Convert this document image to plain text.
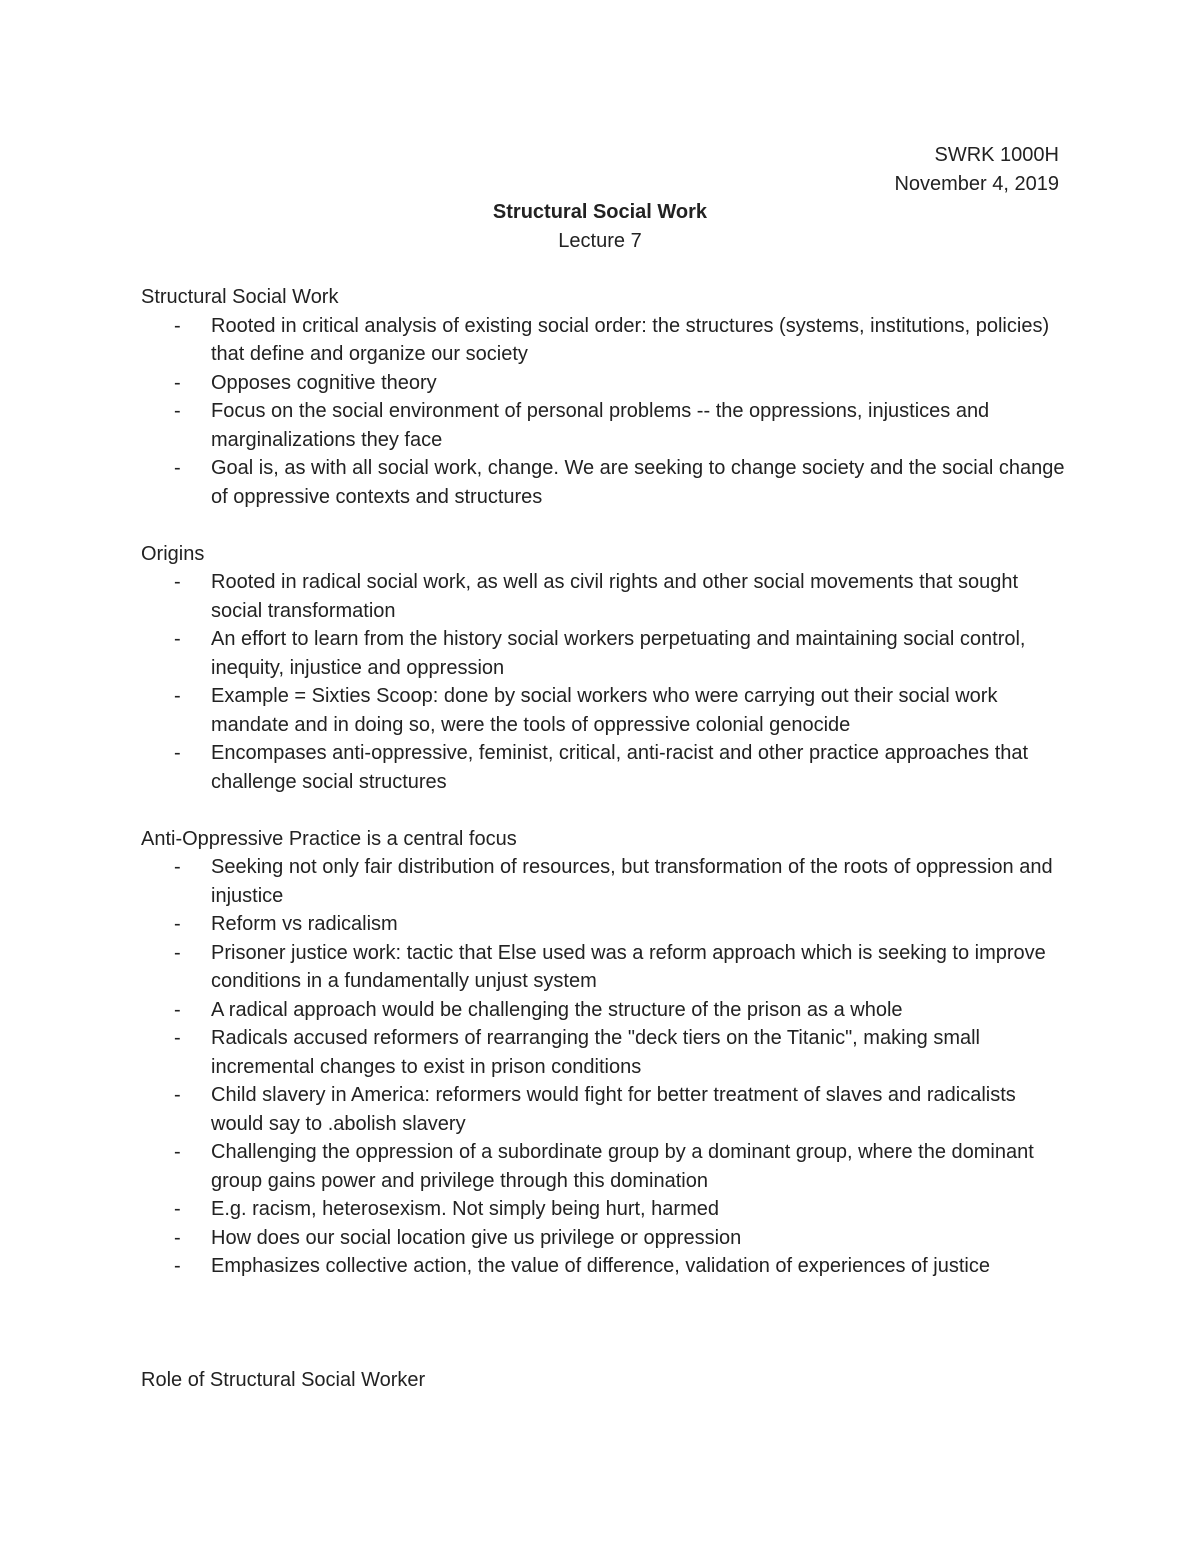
SWRK 1000H
November 4, 2019
Structural Social Work
Lecture 7
Structural Social Work
- Rooted in critical analysis of existing social order: the structures (systems, institutions, policies) that define and organize our society
- Opposes cognitive theory
- Focus on the social environment of personal problems -- the oppressions, injustices and marginalizations they face
- Goal is, as with all social work, change. We are seeking to change society and the social change of oppressive contexts and structures
Origins
- Rooted in radical social work, as well as civil rights and other social movements that sought social transformation
- An effort to learn from the history social workers perpetuating and maintaining social control, inequity, injustice and oppression
- Example = Sixties Scoop: done by social workers who were carrying out their social work mandate and in doing so, were the tools of oppressive colonial genocide
- Encompases anti-oppressive, feminist, critical, anti-racist and other practice approaches that challenge social structures
Anti-Oppressive Practice is a central focus
- Seeking not only fair distribution of resources, but transformation of the roots of oppression and injustice
- Reform vs radicalism
- Prisoner justice work: tactic that Else used was a reform approach which is seeking to improve conditions in a fundamentally unjust system
- A radical approach would be challenging the structure of the prison as a whole
- Radicals accused reformers of rearranging the "deck tiers on the Titanic", making small incremental changes to exist in prison conditions
- Child slavery in America: reformers would fight for better treatment of slaves and radicalists would say to .abolish slavery
- Challenging the oppression of a subordinate group by a dominant group, where the dominant group gains power and privilege through this domination
- E.g. racism, heterosexism. Not simply being hurt, harmed
- How does our social location give us privilege or oppression
- Emphasizes collective action, the value of difference, validation of experiences of justice
Role of Structural Social Worker
